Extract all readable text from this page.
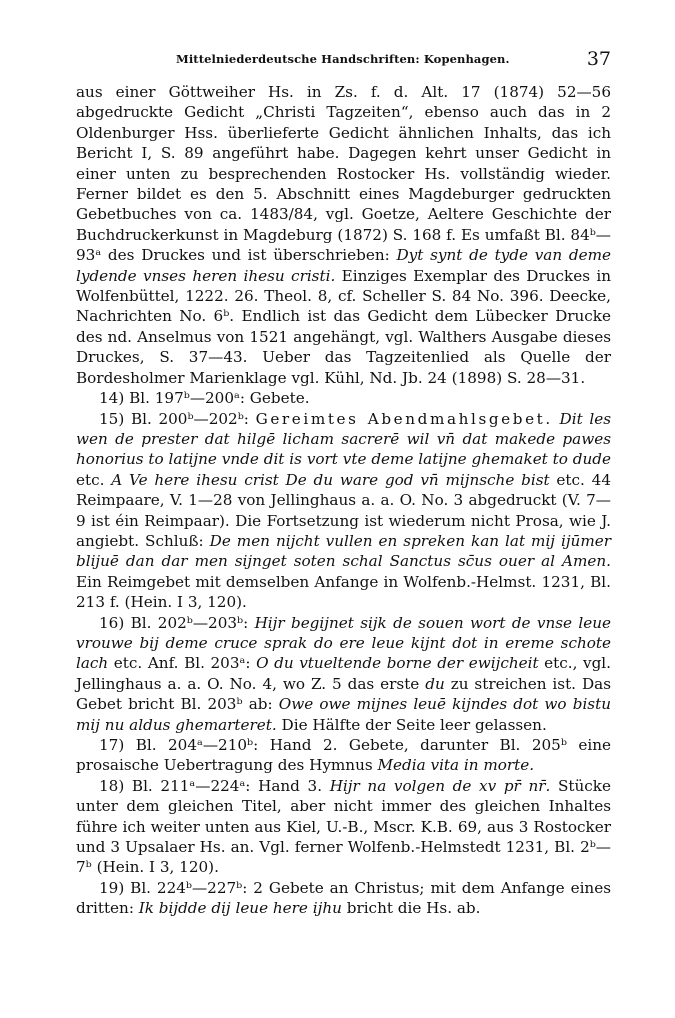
Mittelniederdeutsche Handschriften: Kopenhagen.	37

aus einer Göttweiher Hs. in Zs. f. d. Alt. 17 (1874) 52—56 abgedruckte Gedicht „Christi Tagzeiten“, ebenso auch das in 2 Oldenburger Hss. überlieferte Gedicht ähnlichen Inhalts, das ich Bericht I, S. 89 angeführt habe. Dagegen kehrt unser Gedicht in einer unten zu besprechenden Rostocker Hs. vollständig wieder. Ferner bildet es den 5. Abschnitt eines Magdeburger gedruckten Gebetbuches von ca. 1483/84, vgl. Goetze, Aeltere Geschichte der Buchdruckerkunst in Magdeburg (1872) S. 168 f. Es umfaßt Bl. 84ᵇ—93ᵃ des Druckes und ist überschrieben: Dyt synt de tyde van deme lydende vnses heren ihesu cristi. Einziges Exemplar des Druckes in Wolfenbüttel, 1222. 26. Theol. 8, cf. Scheller S. 84 No. 396. Deecke, Nachrichten No. 6ᵇ. Endlich ist das Gedicht dem Lübecker Drucke des nd. Anselmus von 1521 angehängt, vgl. Walthers Ausgabe dieses Druckes, S. 37—43. Ueber das Tagzeitenlied als Quelle der Bordesholmer Marienklage vgl. Kühl, Nd. Jb. 24 (1898) S. 28—31.

14) Bl. 197ᵇ—200ᵃ: Gebete.

15) Bl. 200ᵇ—202ᵇ: Gereimtes Abendmahlsgebet. Dit les wen de prester dat hilgē licham sacrerē wil vn̄ dat makede pawes honorius to latijne vnde dit is vort vte deme latijne ghemaket to dude etc. A Ve here ihesu crist De du ware god vn̄ mijnsche bist etc. 44 Reimpaare, V. 1—28 von Jellinghaus a. a. O. No. 3 abgedruckt (V. 7—9 ist éin Reimpaar). Die Fortsetzung ist wiederum nicht Prosa, wie J. angiebt. Schluß: De men nijcht vullen en spreken kan lat mij ijūmer blijuē dan dar men sijnget soten schal Sanctus sc̄us ouer al Amen. Ein Reimgebet mit demselben Anfange in Wolfenb.-Helmst. 1231, Bl. 213 f. (Hein. I 3, 120).

16) Bl. 202ᵇ—203ᵇ: Hijr begijnet sijk de souen wort de vnse leue vrouwe bij deme cruce sprak do ere leue kijnt dot in ereme schote lach etc. Anf. Bl. 203ᵃ: O du vtueltende borne der ewijcheit etc., vgl. Jellinghaus a. a. O. No. 4, wo Z. 5 das erste du zu streichen ist. Das Gebet bricht Bl. 203ᵇ ab: Owe owe mijnes leuē kijndes dot wo bistu mij nu aldus ghemarteret. Die Hälfte der Seite leer gelassen.

17) Bl. 204ᵃ—210ᵇ: Hand 2. Gebete, darunter Bl. 205ᵇ eine prosaische Uebertragung des Hymnus Media vita in morte.

18) Bl. 211ᵃ—224ᵃ: Hand 3. Hijr na volgen de xv pr̄ nr̄. Stücke unter dem gleichen Titel, aber nicht immer des gleichen Inhaltes führe ich weiter unten aus Kiel, U.-B., Mscr. K.B. 69, aus 3 Rostocker und 3 Upsalaer Hs. an. Vgl. ferner Wolfenb.-Helmstedt 1231, Bl. 2ᵇ—7ᵇ (Hein. I 3, 120).

19) Bl. 224ᵇ—227ᵇ: 2 Gebete an Christus; mit dem Anfange eines dritten: Ik bijdde dij leue here ijhu bricht die Hs. ab.
